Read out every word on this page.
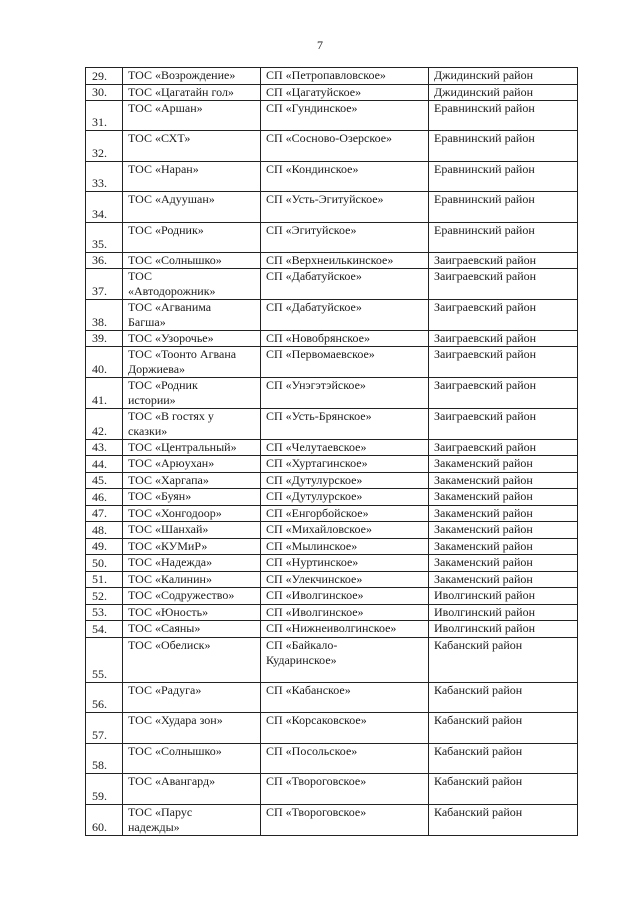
7
29.	ТОС «Возрождение»	СП «Петропавловское»	Джидинский район
30.	ТОС «Цагатайн гол»	СП «Цагатуйское»	Джидинский район
31.	ТОС «Аршан»	СП «Гундинское»	Еравнинский район
32.	ТОС «СХТ»	СП «Сосново-Озерское»	Еравнинский район
33.	ТОС «Наран»	СП «Кондинское»	Еравнинский район
34.	ТОС «Адуушан»	СП «Усть-Эгитуйское»	Еравнинский район
35.	ТОС «Родник»	СП «Эгитуйское»	Еравнинский район
36.	ТОС «Солнышко»	СП «Верхнеилькинское»	Заиграевский район
37.	ТОС
«Автодорожник»	СП «Дабатуйское»	Заиграевский район
38.	ТОС «Агванима
Багша»	СП «Дабатуйское»	Заиграевский район
39.	ТОС «Узорочье»	СП «Новобрянское»	Заиграевский район
40.	ТОС «Тоонто Агвана
Доржиева»	СП «Первомаевское»	Заиграевский район
41.	ТОС «Родник
истории»	СП «Унэгэтэйское»	Заиграевский район
42.	ТОС «В гостях у
сказки»	СП «Усть-Брянское»	Заиграевский район
43.	ТОС «Центральный»	СП «Челутаевское»	Заиграевский район
44.	ТОС «Арюухан»	СП «Хуртагинское»	Закаменский район
45.	ТОС «Харгапа»	СП «Дутулурское»	Закаменский район
46.	ТОС «Буян»	СП «Дутулурское»	Закаменский район
47.	ТОС «Хонгодоор»	СП «Енгорбойское»	Закаменский район
48.	ТОС «Шанхай»	СП «Михайловское»	Закаменский район
49.	ТОС «КУМиР»	СП «Мылинское»	Закаменский район
50.	ТОС «Надежда»	СП «Нуртинское»	Закаменский район
51.	ТОС «Калинин»	СП «Улекчинское»	Закаменский район
52.	ТОС «Содружество»	СП «Иволгинское»	Иволгинский район
53.	ТОС «Юность»	СП «Иволгинское»	Иволгинский район
54.	ТОС «Саяны»	СП «Нижнеиволгинское»	Иволгинский район
55.	ТОС «Обелиск»	СП «Байкало-
Кударинское»	Кабанский район
56.	ТОС «Радуга»	СП «Кабанское»	Кабанский район
57.	ТОС «Худара зон»	СП «Корсаковское»	Кабанский район
58.	ТОС «Солнышко»	СП «Посольское»	Кабанский район
59.	ТОС «Авангард»	СП «Твороговское»	Кабанский район
60.	ТОС «Парус
надежды»	СП «Твороговское»	Кабанский район
